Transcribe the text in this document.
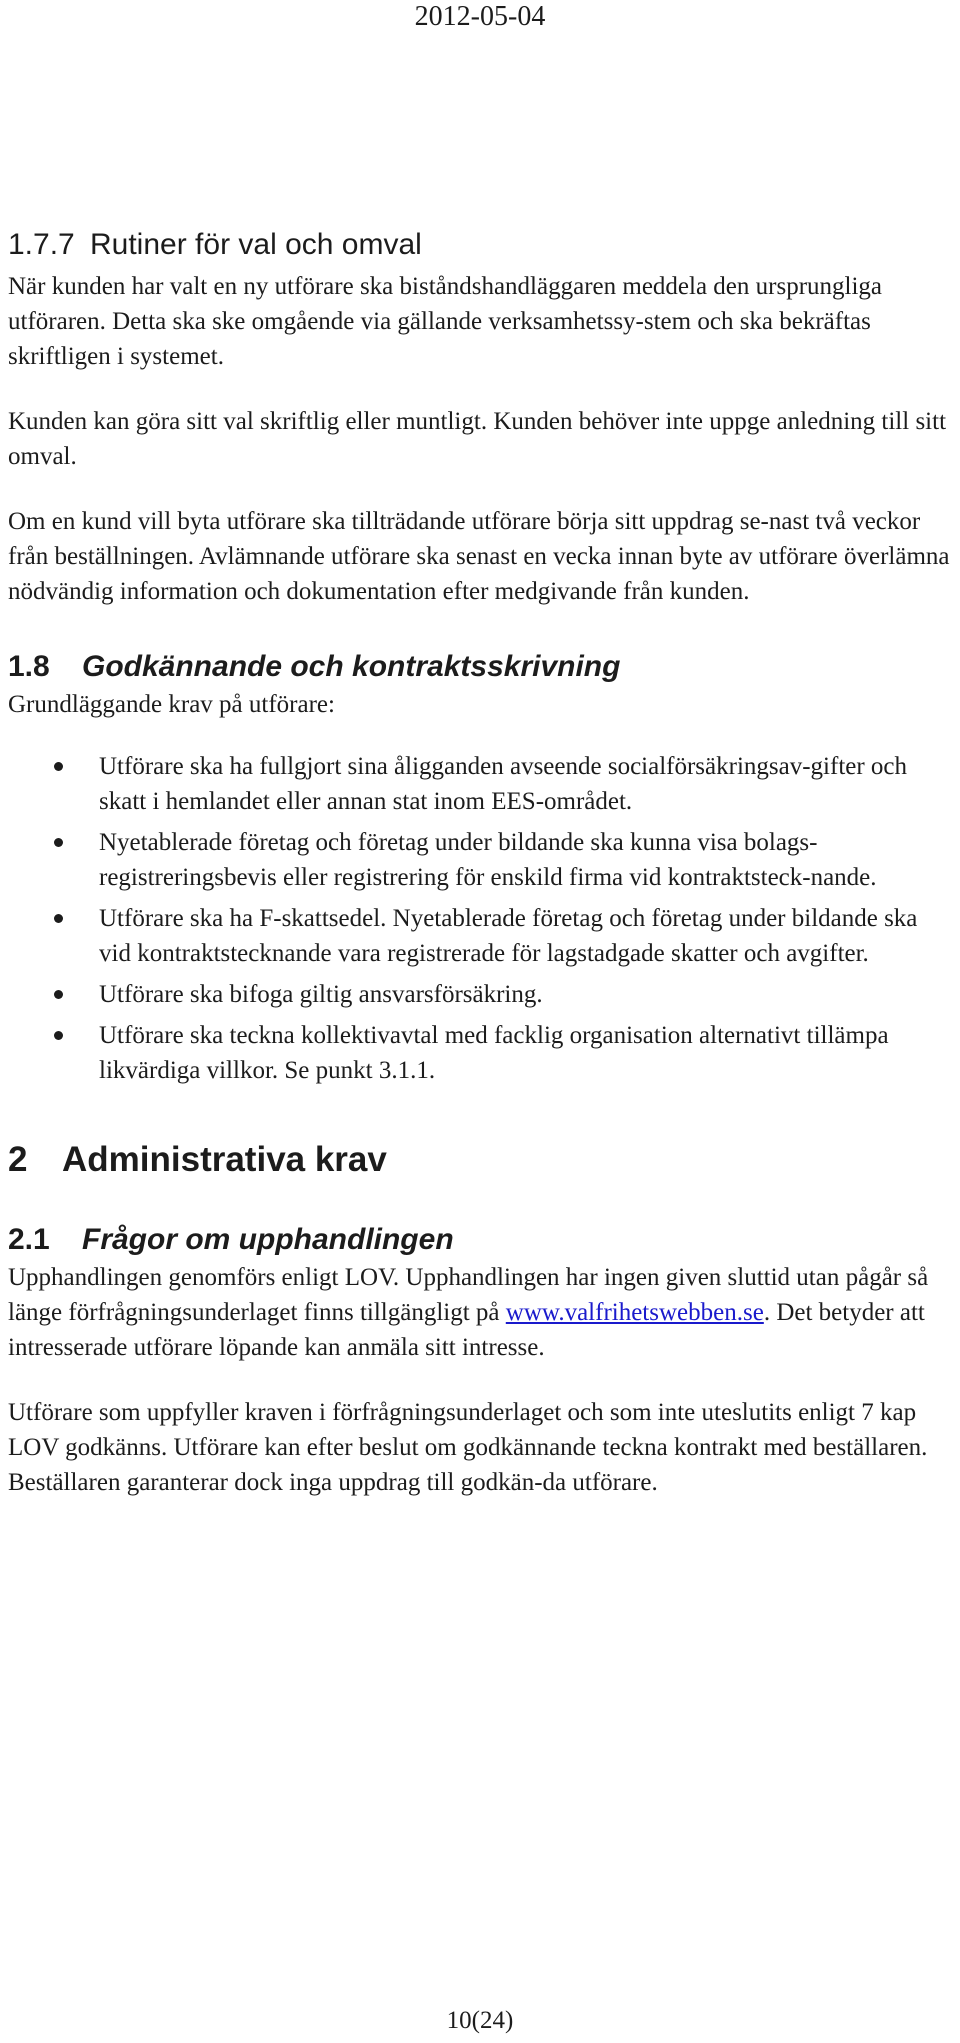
2012-05-04
1.7.7 Rutiner för val och omval

När kunden har valt en ny utförare ska biståndshandläggaren meddela den ursprungliga utföraren. Detta ska ske omgående via gällande verksamhetssy-stem och ska bekräftas skriftligen i systemet.

Kunden kan göra sitt val skriftlig eller muntligt. Kunden behöver inte uppge anledning till sitt omval.

Om en kund vill byta utförare ska tillträdande utförare börja sitt uppdrag se-nast två veckor från beställningen. Avlämnande utförare ska senast en vecka innan byte av utförare överlämna nödvändig information och dokumentation efter medgivande från kunden.

1.8 Godkännande och kontraktsskrivning

Grundläggande krav på utförare:

Utförare ska ha fullgjort sina åligganden avseende socialförsäkringsav-gifter och skatt i hemlandet eller annan stat inom EES-området.
Nyetablerade företag och företag under bildande ska kunna visa bolags-registreringsbevis eller registrering för enskild firma vid kontraktsteck-nande.
Utförare ska ha F-skattsedel. Nyetablerade företag och företag under bildande ska vid kontraktstecknande vara registrerade för lagstadgade skatter och avgifter.
Utförare ska bifoga giltig ansvarsförsäkring.
Utförare ska teckna kollektivavtal med facklig organisation alternativt tillämpa likvärdiga villkor. Se punkt 3.1.1.
2 Administrativa krav
2.1 Frågor om upphandlingen

Upphandlingen genomförs enligt LOV. Upphandlingen har ingen given sluttid utan pågår så länge förfrågningsunderlaget finns tillgängligt på www.valfrihetswebben.se. Det betyder att intresserade utförare löpande kan anmäla sitt intresse.

Utförare som uppfyller kraven i förfrågningsunderlaget och som inte uteslutits enligt 7 kap LOV godkänns. Utförare kan efter beslut om godkännande teckna kontrakt med beställaren. Beställaren garanterar dock inga uppdrag till godkän-da utförare.

10(24)
